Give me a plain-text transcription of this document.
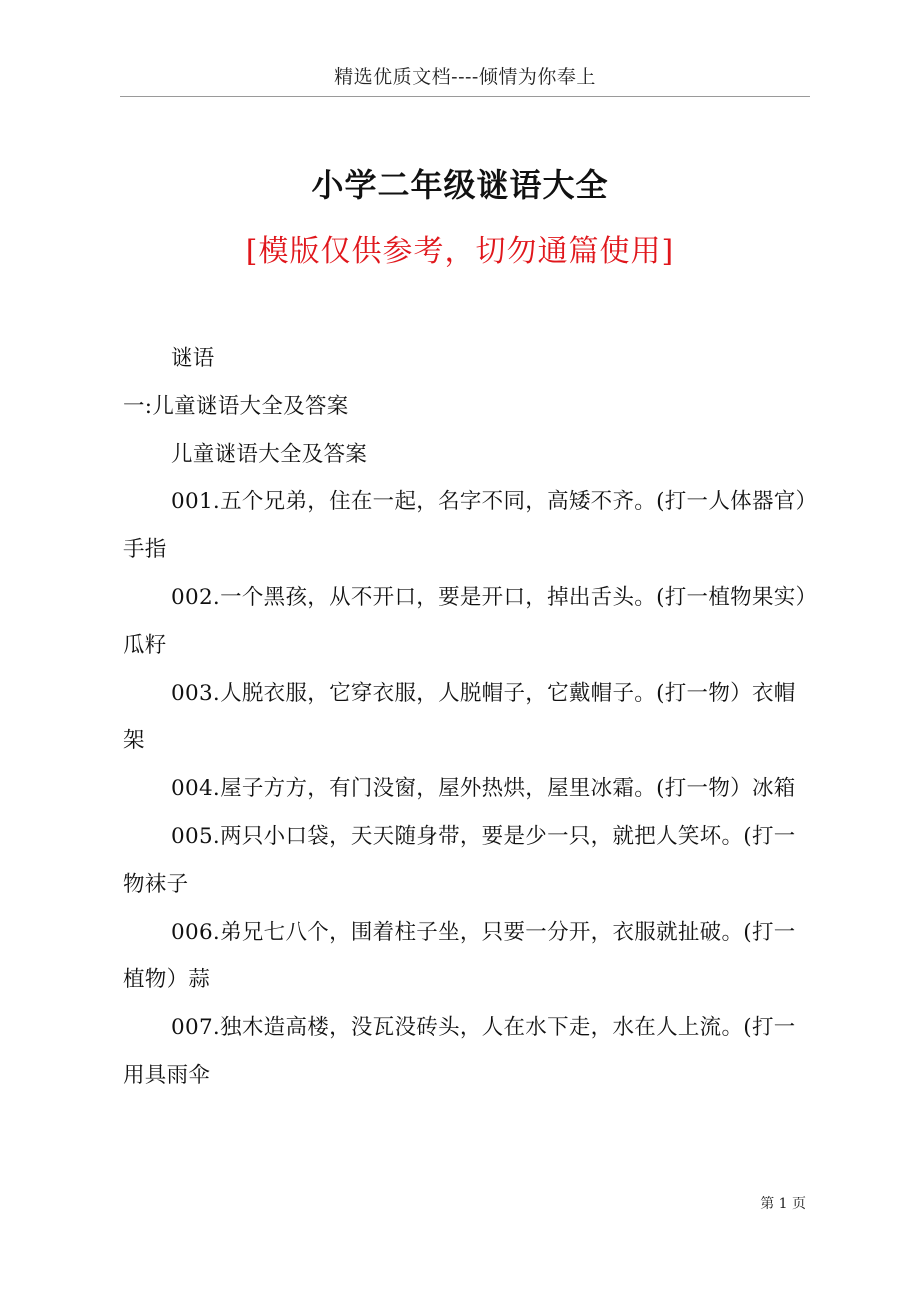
精选优质文档----倾情为你奉上
小学二年级谜语大全
[模版仅供参考，切勿通篇使用]

谜语

一:儿童谜语大全及答案

儿童谜语大全及答案

001.五个兄弟，住在一起，名字不同，高矮不齐。(打一人体器官）手指

002.一个黑孩，从不开口，要是开口，掉出舌头。(打一植物果实）瓜籽

003.人脱衣服，它穿衣服，人脱帽子，它戴帽子。(打一物）衣帽架

004.屋子方方，有门没窗，屋外热烘，屋里冰霜。(打一物）冰箱

005.两只小口袋，天天随身带，要是少一只，就把人笑坏。(打一物袜子

006.弟兄七八个，围着柱子坐，只要一分开，衣服就扯破。(打一植物）蒜

007.独木造高楼，没瓦没砖头，人在水下走，水在人上流。(打一用具雨伞

第 1 页
